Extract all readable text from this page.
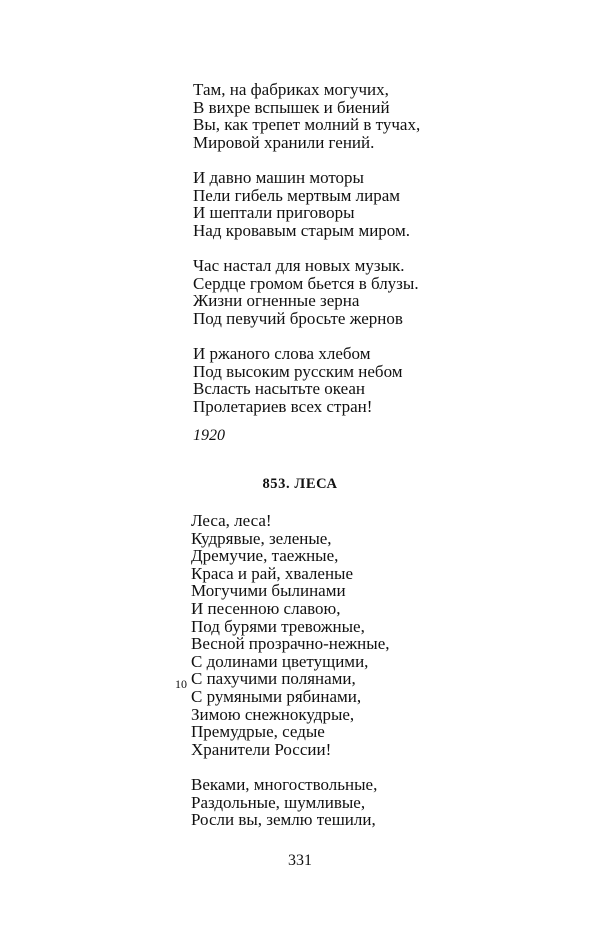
Там, на фабриках могучих,
В вихре вспышек и биений
Вы, как трепет молний в тучах,
Мировой хранили гений.
И давно машин моторы
Пели гибель мертвым лирам
И шептали приговоры
Над кровавым старым миром.
Час настал для новых музык.
Сердце громом бьется в блузы.
Жизни огненные зерна
Под певучий бросьте жернов
И ржаного слова хлебом
Под высоким русским небом
Всласть насытьте океан
Пролетариев всех стран!
1920
853. ЛЕСА
Леса, леса!
Кудрявые, зеленые,
Дремучие, таежные,
Краса и рай, хваленые
Могучими былинами
И песенною славою,
Под бурями тревожные,
Весной прозрачно-нежные,
С долинами цветущими,
С пахучими полянами,
С румяными рябинами,
Зимою снежнокудрые,
Премудрые, седые
Хранители России!
Веками, многоствольные,
Раздольные, шумливые,
Росли вы, землю тешили,
10
331
